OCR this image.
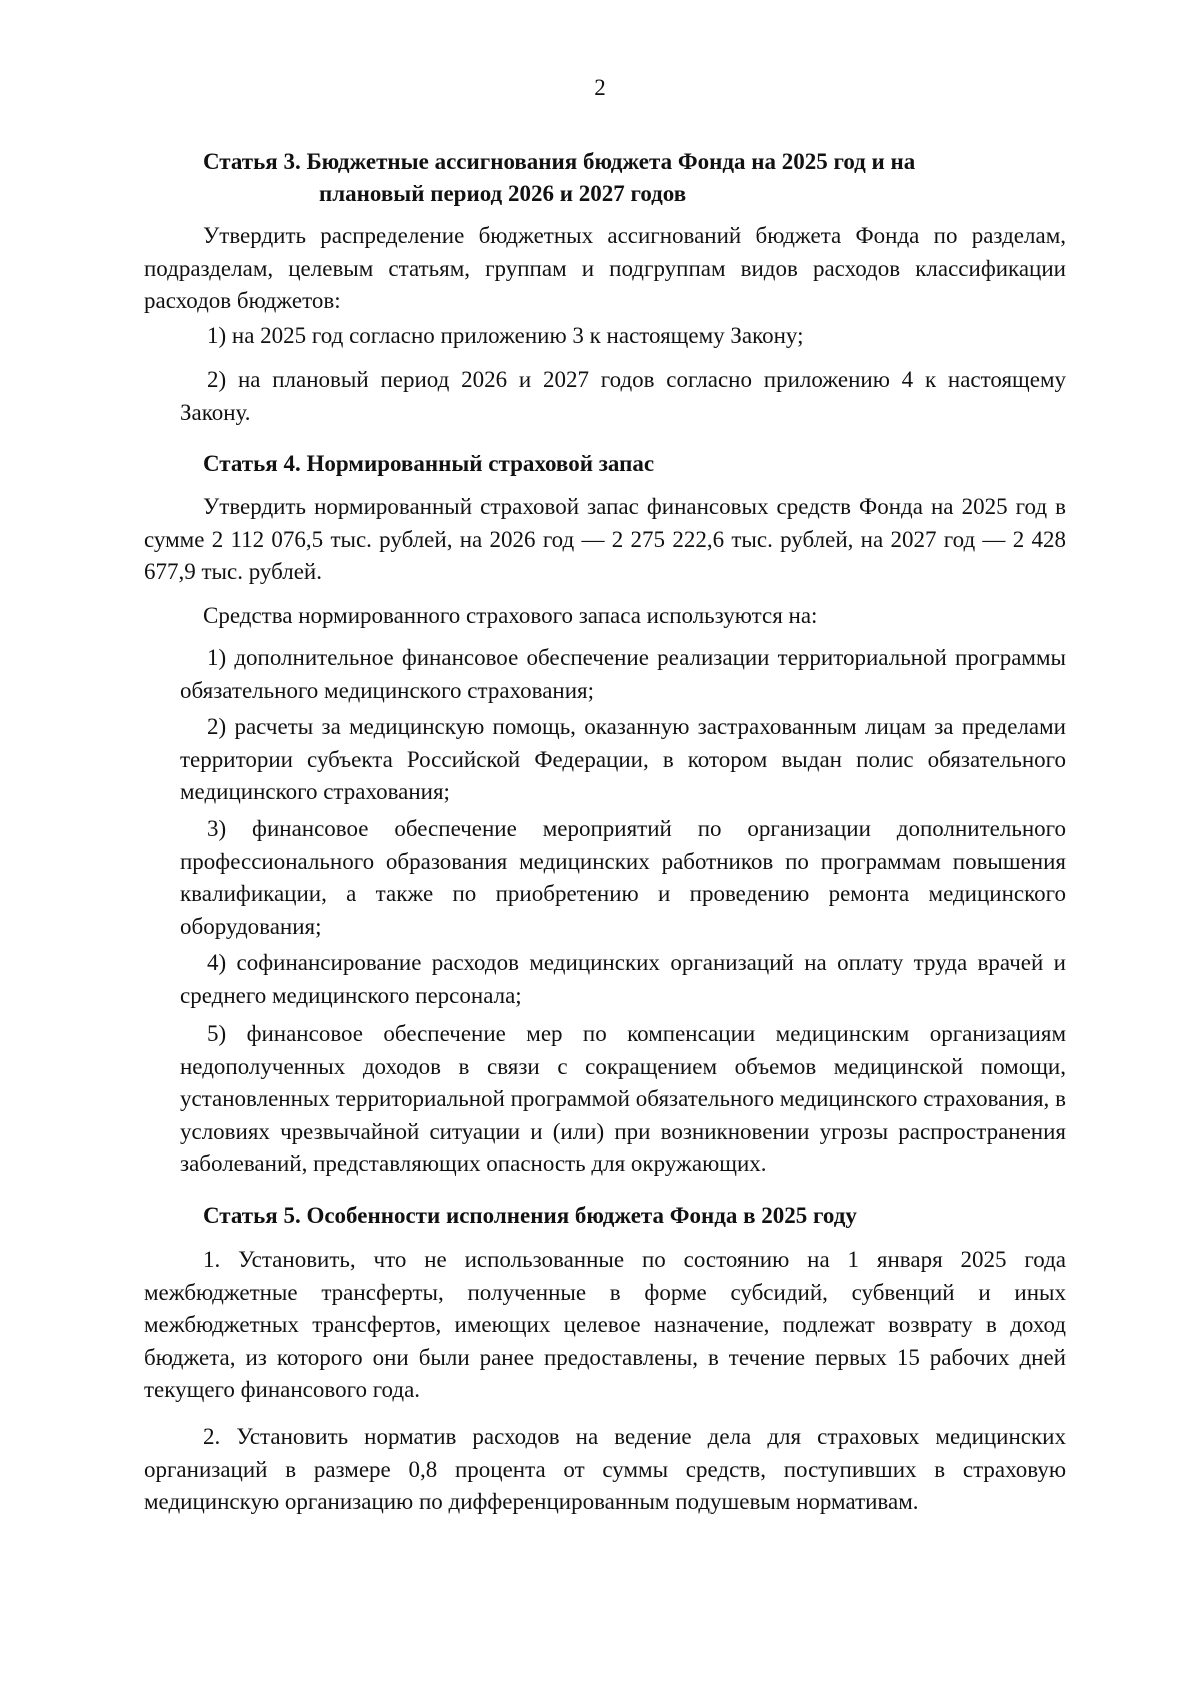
2
Статья 3. Бюджетные ассигнования бюджета Фонда на 2025 год и на
плановый период 2026 и 2027 годов
Утвердить распределение бюджетных ассигнований бюджета Фонда по разделам, подразделам, целевым статьям, группам и подгруппам видов расходов классификации расходов бюджетов:
1) на 2025 год согласно приложению 3 к настоящему Закону;
2) на плановый период 2026 и 2027 годов согласно приложению 4 к настоящему Закону.
Статья 4. Нормированный страховой запас
Утвердить нормированный страховой запас финансовых средств Фонда на 2025 год в сумме 2 112 076,5 тыс. рублей, на 2026 год — 2 275 222,6 тыс. рублей, на 2027 год — 2 428 677,9 тыс. рублей.
Средства нормированного страхового запаса используются на:
1) дополнительное финансовое обеспечение реализации территориальной программы обязательного медицинского страхования;
2) расчеты за медицинскую помощь, оказанную застрахованным лицам за пределами территории субъекта Российской Федерации, в котором выдан полис обязательного медицинского страхования;
3) финансовое обеспечение мероприятий по организации дополнительного профессионального образования медицинских работников по программам повышения квалификации, а также по приобретению и проведению ремонта медицинского оборудования;
4) софинансирование расходов медицинских организаций на оплату труда врачей и среднего медицинского персонала;
5) финансовое обеспечение мер по компенсации медицинским организациям недополученных доходов в связи с сокращением объемов медицинской помощи, установленных территориальной программой обязательного медицинского страхования, в условиях чрезвычайной ситуации и (или) при возникновении угрозы распространения заболеваний, представляющих опасность для окружающих.
Статья 5. Особенности исполнения бюджета Фонда в 2025 году
1. Установить, что не использованные по состоянию на 1 января 2025 года межбюджетные трансферты, полученные в форме субсидий, субвенций и иных межбюджетных трансфертов, имеющих целевое назначение, подлежат возврату в доход бюджета, из которого они были ранее предоставлены, в течение первых 15 рабочих дней текущего финансового года.
2. Установить норматив расходов на ведение дела для страховых медицинских организаций в размере 0,8 процента от суммы средств, поступивших в страховую медицинскую организацию по дифференцированным подушевым нормативам.
